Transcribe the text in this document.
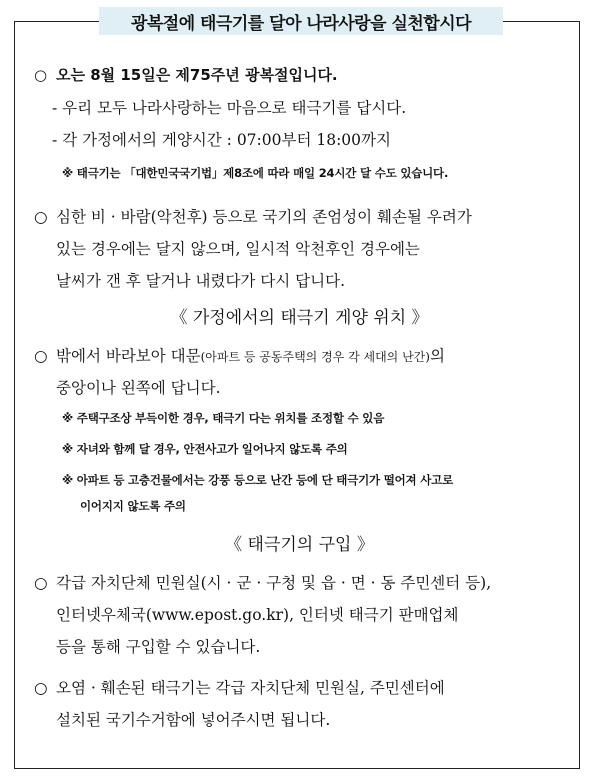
광복절에 태극기를 달아 나라사랑을 실천합시다
○ 오는 8월 15일은 제75주년 광복절입니다.
- 우리 모두 나라사랑하는 마음으로 태극기를 답시다.
- 각 가정에서의 게양시간 : 07:00부터 18:00까지
※ 태극기는 「대한민국국기법」제8조에 따라 매일 24시간 달 수도 있습니다.
○ 심한 비 · 바람(악천후) 등으로 국기의 존엄성이 훼손될 우려가
있는 경우에는 달지 않으며, 일시적 악천후인 경우에는
날씨가 갠 후 달거나 내렸다가 다시 답니다.
《 가정에서의 태극기 게양 위치 》
○ 밖에서 바라보아 대문(아파트 등 공동주택의 경우 각 세대의 난간)의
중앙이나 왼쪽에 답니다.
※ 주택구조상 부득이한 경우, 태극기 다는 위치를 조정할 수 있음
※ 자녀와 함께 달 경우, 안전사고가 일어나지 않도록 주의
※ 아파트 등 고층건물에서는 강풍 등으로 난간 등에 단 태극기가 떨어져 사고로
이어지지 않도록 주의
《 태극기의 구입 》
○ 각급 자치단체 민원실(시 · 군 · 구청 및 읍 · 면 · 동 주민센터 등),
인터넷우체국(www.epost.go.kr), 인터넷 태극기 판매업체
등을 통해 구입할 수 있습니다.
○ 오염 · 훼손된 태극기는 각급 자치단체 민원실, 주민센터에
설치된 국기수거함에 넣어주시면 됩니다.
